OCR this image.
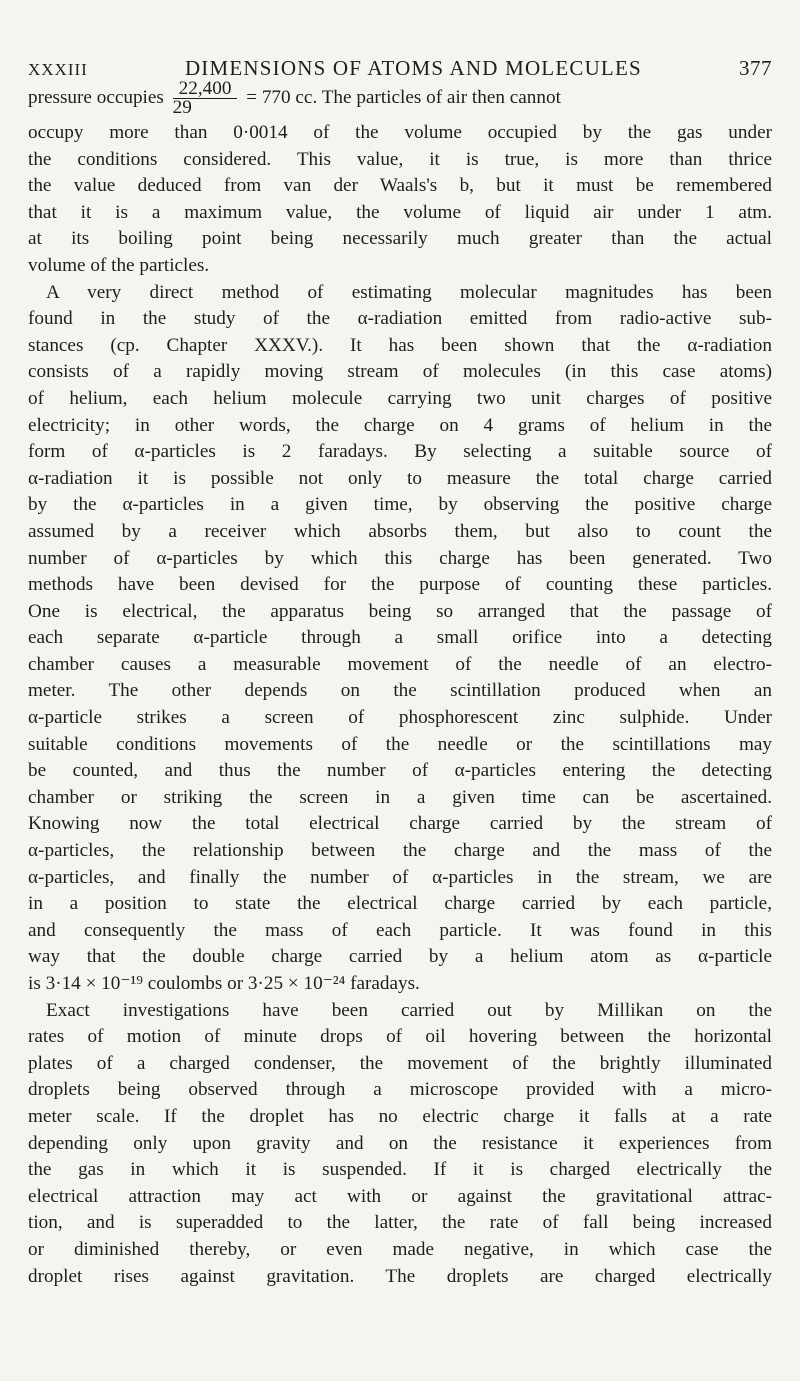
XXXIII	DIMENSIONS OF ATOMS AND MOLECULES	377
pressure occupies $\frac{22,400}{29} = 770$ cc. The particles of air then cannot
occupy more than 0·0014 of the volume occupied by the gas under
the conditions considered. This value, it is true, is more than thrice
the value deduced from van der Waals's b, but it must be remembered
that it is a maximum value, the volume of liquid air under 1 atm.
at its boiling point being necessarily much greater than the actual
volume of the particles.
A very direct method of estimating molecular magnitudes has been
found in the study of the α-radiation emitted from radio-active sub-
stances (cp. Chapter XXXV.). It has been shown that the α-radiation
consists of a rapidly moving stream of molecules (in this case atoms)
of helium, each helium molecule carrying two unit charges of positive
electricity; in other words, the charge on 4 grams of helium in the
form of α-particles is 2 faradays. By selecting a suitable source of
α-radiation it is possible not only to measure the total charge carried
by the α-particles in a given time, by observing the positive charge
assumed by a receiver which absorbs them, but also to count the
number of α-particles by which this charge has been generated. Two
methods have been devised for the purpose of counting these particles.
One is electrical, the apparatus being so arranged that the passage of
each separate α-particle through a small orifice into a detecting
chamber causes a measurable movement of the needle of an electro-
meter. The other depends on the scintillation produced when an
α-particle strikes a screen of phosphorescent zinc sulphide. Under
suitable conditions movements of the needle or the scintillations may
be counted, and thus the number of α-particles entering the detecting
chamber or striking the screen in a given time can be ascertained.
Knowing now the total electrical charge carried by the stream of
α-particles, the relationship between the charge and the mass of the
α-particles, and finally the number of α-particles in the stream, we are
in a position to state the electrical charge carried by each particle,
and consequently the mass of each particle. It was found in this
way that the double charge carried by a helium atom as α-particle
is 3·14 × 10⁻¹⁹ coulombs or 3·25 × 10⁻²⁴ faradays.
Exact investigations have been carried out by Millikan on the
rates of motion of minute drops of oil hovering between the horizontal
plates of a charged condenser, the movement of the brightly illuminated
droplets being observed through a microscope provided with a micro-
meter scale. If the droplet has no electric charge it falls at a rate
depending only upon gravity and on the resistance it experiences from
the gas in which it is suspended. If it is charged electrically the
electrical attraction may act with or against the gravitational attrac-
tion, and is superadded to the latter, the rate of fall being increased
or diminished thereby, or even made negative, in which case the
droplet rises against gravitation. The droplets are charged electrically
